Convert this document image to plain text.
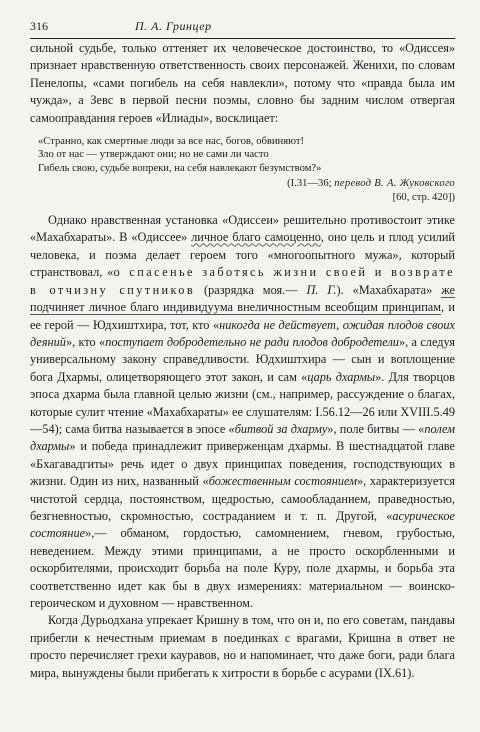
316	П. А. Гринцер

сильной судьбе, только оттеняет их человеческое достоинство, то «Одиссея» признает нравственную ответственность своих персонажей. Женихи, по словам Пенелопы, «сами погибель на себя навлекли», потому что «правда была им чужда», а Зевс в первой песни поэмы, словно бы задним числом отвергая самооправдания героев «Илиады», восклицает:

«Странно, как смертные люди за все нас, богов, обвиняют!
Зло от нас — утверждают они; но не сами ли часто
Гибель свою, судьбе вопреки, на себя навлекают безумством?»
(I.31—36; перевод В. А. Жуковского
[60, стр. 420])

Однако нравственная установка «Одиссеи» решительно противостоит этике «Махабхараты». В «Одиссее» личное благо самоценно, оно цель и плод усилий человека, и поэма делает героем того «многоопытного мужа», который странствовал, «о спасенье заботясь жизни своей и возврате в отчизну спутников (разрядка моя.— П. Г.). «Махабхарата» же подчиняет личное благо индивидуума внеличностным всеобщим принципам, и ее герой — Юдхиштхира, тот, кто «никогда не действует, ожидая плодов своих деяний», кто «поступает добродетельно не ради плодов добродетели», а следуя универсальному закону справедливости. Юдхиштхира — сын и воплощение бога Дхармы, олицетворяющего этот закон, и сам «царь дхармы». Для творцов эпоса дхарма была главной целью жизни (см., например, рассуждение о благах, которые сулит чтение «Махабхараты» ее слушателям: I.56.12—26 или XVIII.5.49—54); сама битва называется в эпосе «битвой за дхарму», поле битвы — «полем дхармы» и победа принадлежит приверженцам дхармы. В шестнадцатой главе «Бхагавадгиты» речь идет о двух принципах поведения, господствующих в жизни. Один из них, названный «божественным состоянием», характеризуется чистотой сердца, постоянством, щедростью, самообладанием, праведностью, безгневностью, скромностью, состраданием и т. п. Другой, «асурическое состояние»,— обманом, гордостью, самомнением, гневом, грубостью, неведением. Между этими принципами, а не просто оскорбленными и оскорбителями, происходит борьба на поле Куру, поле дхармы, и борьба эта соответственно идет как бы в двух измерениях: материальном — воинско-героическом и духовном — нравственном.

Когда Дурьодхана упрекает Кришну в том, что он и, по его советам, пандавы прибегли к нечестным приемам в поединках с врагами, Кришна в ответ не просто перечисляет грехи кауравов, но и напоминает, что даже боги, ради блага мира, вынуждены были прибегать к хитрости в борьбе с асурами (IX.61).
